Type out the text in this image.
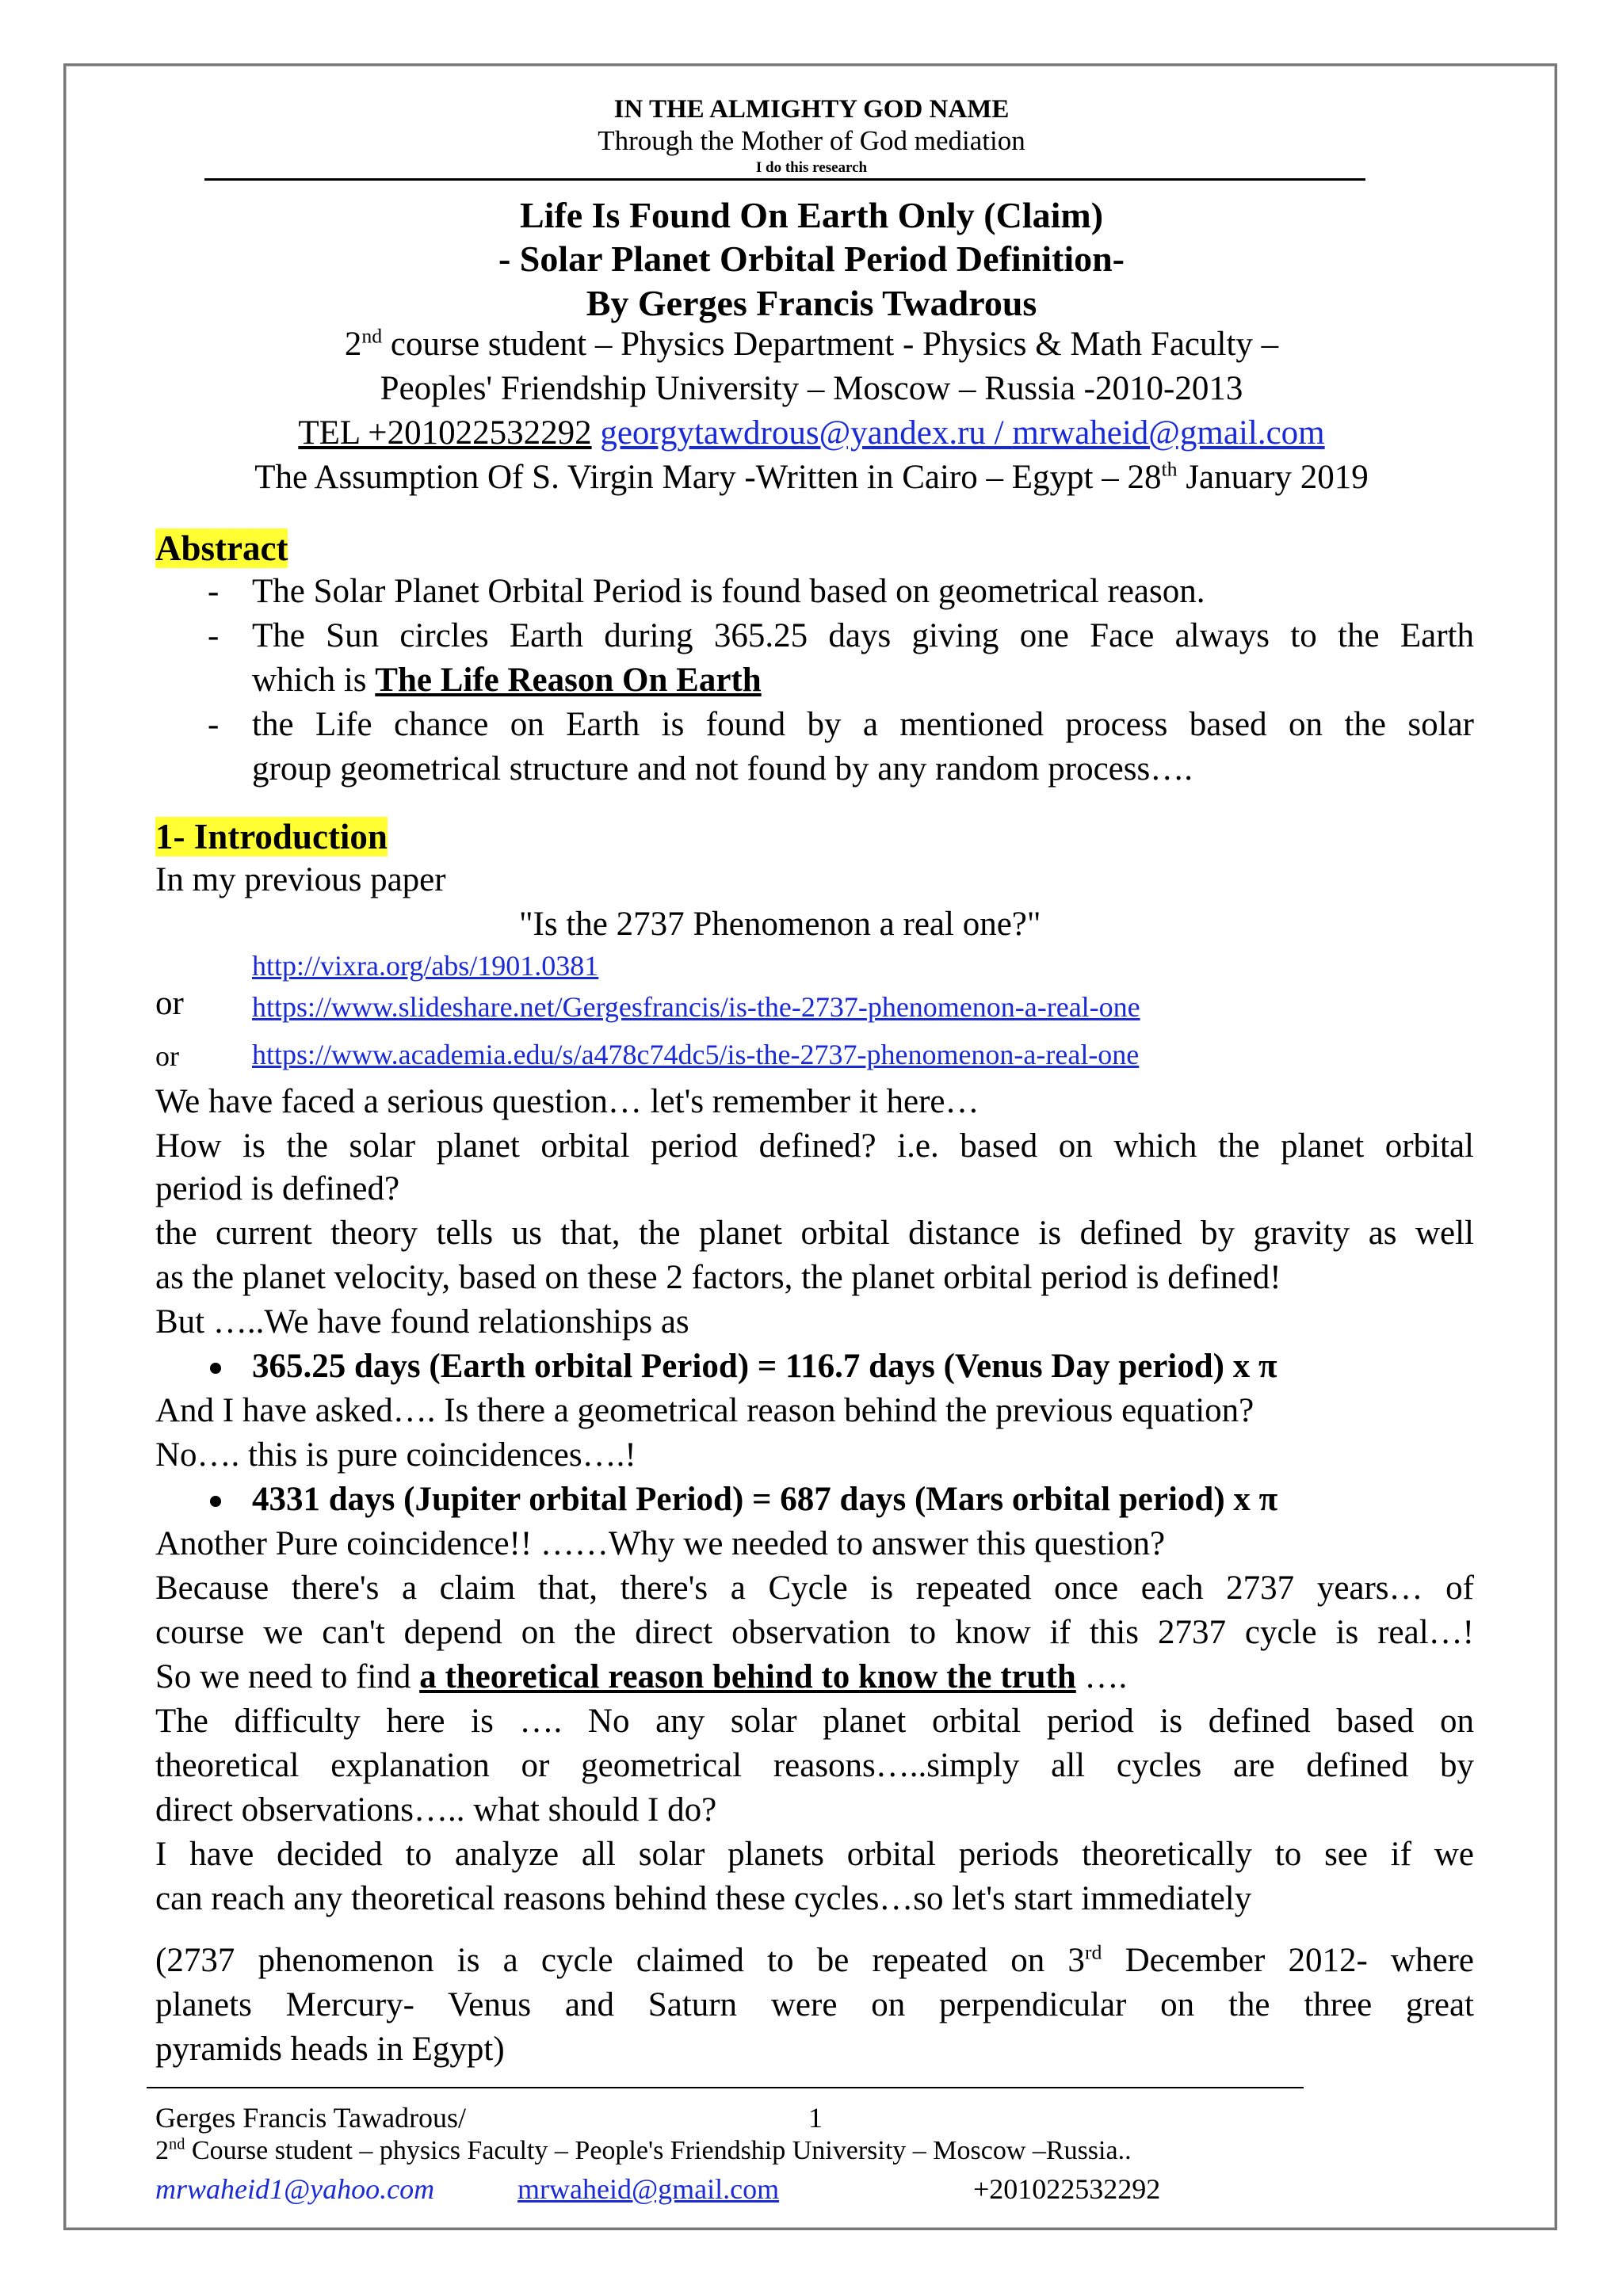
IN THE ALMIGHTY GOD NAME
Through the Mother of God mediation
I do this research
Life Is Found On Earth Only (Claim)
- Solar Planet Orbital Period Definition-
By Gerges Francis Twadrous
2nd course student – Physics Department - Physics & Math Faculty –
Peoples' Friendship University – Moscow – Russia -2010-2013
TEL +201022532292 georgytawdrous@yandex.ru / mrwaheid@gmail.com
The Assumption Of S. Virgin Mary -Written in Cairo – Egypt – 28th January 2019
Abstract
- The Solar Planet Orbital Period is found based on geometrical reason.
- The Sun circles Earth during 365.25 days giving one Face always to the Earth
which is The Life Reason On Earth
- the Life chance on Earth is found by a mentioned process based on the solar
group geometrical structure and not found by any random process….
1- Introduction
In my previous paper
"Is the 2737 Phenomenon a real one?"
http://vixra.org/abs/1901.0381
or https://www.slideshare.net/Gergesfrancis/is-the-2737-phenomenon-a-real-one
or	https://www.academia.edu/s/a478c74dc5/is-the-2737-phenomenon-a-real-one
We have faced a serious question… let's remember it here…
How is the solar planet orbital period defined? i.e. based on which the planet orbital
period is defined?
the current theory tells us that, the planet orbital distance is defined by gravity as well
as the planet velocity, based on these 2 factors, the planet orbital period is defined!
But …..We have found relationships as
365.25 days (Earth orbital Period) = 116.7 days (Venus Day period) x π
And I have asked…. Is there a geometrical reason behind the previous equation?
No…. this is pure coincidences….!
4331 days (Jupiter orbital Period) = 687 days (Mars orbital period) x π
Another Pure coincidence!! ……Why we needed to answer this question?
Because there's a claim that, there's a Cycle is repeated once each 2737 years… of
course we can't depend on the direct observation to know if this 2737 cycle is real…!
So we need to find a theoretical reason behind to know the truth ….
The difficulty here is …. No any solar planet orbital period is defined based on
theoretical explanation or geometrical reasons…..simply all cycles are defined by
direct observations….. what should I do?
I have decided to analyze all solar planets orbital periods theoretically to see if we
can reach any theoretical reasons behind these cycles…so let's start immediately
(2737 phenomenon is a cycle claimed to be repeated on 3rd December 2012- where
planets Mercury- Venus and Saturn were on perpendicular on the three great
pyramids heads in Egypt)
Gerges Francis Tawadrous/	1
2nd Course student – physics Faculty – People's Friendship University – Moscow –Russia..
mrwaheid1@yahoo.com	mrwaheid@gmail.com	+201022532292
